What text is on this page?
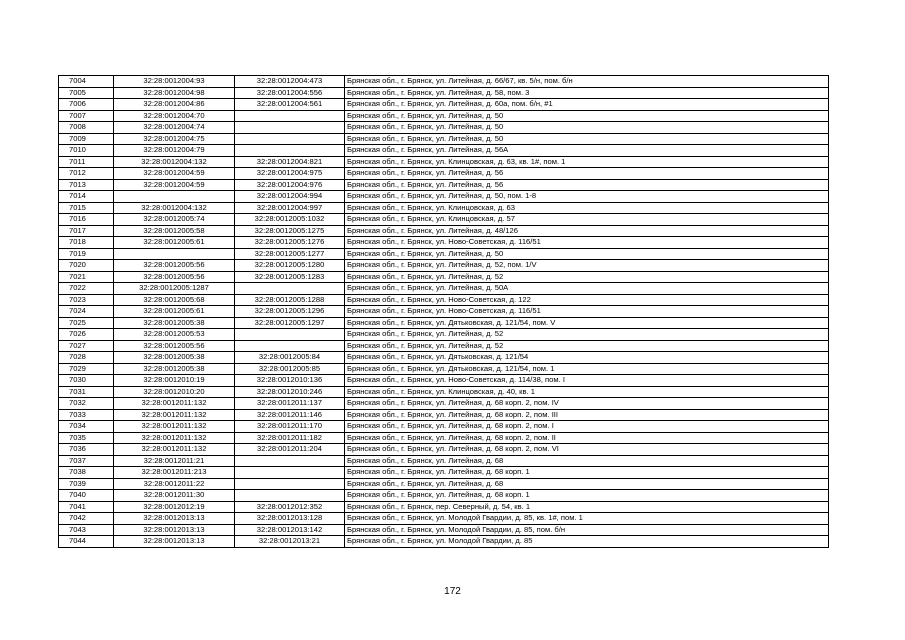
7004	32:28:0012004:93	32:28:0012004:473	Брянская обл., г. Брянск, ул. Литейная, д. 66/67, кв. 5/н, пом. б/н
7005	32:28:0012004:98	32:28:0012004:556	Брянская обл., г. Брянск, ул. Литейная, д. 58, пом. 3
7006	32:28:0012004:86	32:28:0012004:561	Брянская обл., г. Брянск, ул. Литейная, д. 60а, пом. б/н, #1
7007	32:28:0012004:70		Брянская обл., г. Брянск, ул. Литейная, д. 50
7008	32:28:0012004:74		Брянская обл., г. Брянск, ул. Литейная, д. 50
7009	32:28:0012004:75		Брянская обл., г. Брянск, ул. Литейная, д. 50
7010	32:28:0012004:79		Брянская обл., г. Брянск, ул. Литейная, д. 56А
7011	32:28:0012004:132	32:28:0012004:821	Брянская обл., г. Брянск, ул. Клинцовская, д. 63, кв. 1#, пом. 1
7012	32:28:0012004:59	32:28:0012004:975	Брянская обл., г. Брянск, ул. Литейная, д. 56
7013	32:28:0012004:59	32:28:0012004:976	Брянская обл., г. Брянск, ул. Литейная, д. 56
7014		32:28:0012004:994	Брянская обл., г. Брянск, ул. Литейная, д. 50, пом. 1-8
7015	32:28:0012004:132	32:28:0012004:997	Брянская обл., г. Брянск, ул. Клинцовская, д. 63
7016	32:28:0012005:74	32:28:0012005:1032	Брянская обл., г. Брянск, ул. Клинцовская, д. 57
7017	32:28:0012005:58	32:28:0012005:1275	Брянская обл., г. Брянск, ул. Литейная, д. 48/126
7018	32:28:0012005:61	32:28:0012005:1276	Брянская обл., г. Брянск, ул. Ново-Советская, д. 116/51
7019		32:28:0012005:1277	Брянская обл., г. Брянск, ул. Литейная, д. 50
7020	32:28:0012005:56	32:28:0012005:1280	Брянская обл., г. Брянск, ул. Литейная, д. 52, пом. 1/V
7021	32:28:0012005:56	32:28:0012005:1283	Брянская обл., г. Брянск, ул. Литейная, д. 52
7022	32:28:0012005:1287		Брянская обл., г. Брянск, ул. Литейная, д. 50А
7023	32:28:0012005:68	32:28:0012005:1288	Брянская обл., г. Брянск, ул. Ново-Советская, д. 122
7024	32:28:0012005:61	32:28:0012005:1296	Брянская обл., г. Брянск, ул. Ново-Советская, д. 116/51
7025	32:28:0012005:38	32:28:0012005:1297	Брянская обл., г. Брянск, ул. Дятьковская, д. 121/54, пом. V
7026	32:28:0012005:53		Брянская обл., г. Брянск, ул. Литейная, д. 52
7027	32:28:0012005:56		Брянская обл., г. Брянск, ул. Литейная, д. 52
7028	32:28:0012005:38	32:28:0012005:84	Брянская обл., г. Брянск, ул. Дятьковская, д. 121/54
7029	32:28:0012005:38	32:28:0012005:85	Брянская обл., г. Брянск, ул. Дятьковская, д. 121/54, пом. 1
7030	32:28:0012010:19	32:28:0012010:136	Брянская обл., г. Брянск, ул. Ново-Советская, д. 114/38, пом. I
7031	32:28:0012010:20	32:28:0012010:246	Брянская обл., г. Брянск, ул. Клинцовская, д. 40, кв. 1
7032	32:28:0012011:132	32:28:0012011:137	Брянская обл., г. Брянск, ул. Литейная, д. 68 корп. 2, пом. IV
7033	32:28:0012011:132	32:28:0012011:146	Брянская обл., г. Брянск, ул. Литейная, д. 68 корп. 2, пом. III
7034	32:28:0012011:132	32:28:0012011:170	Брянская обл., г. Брянск, ул. Литейная, д. 68 корп. 2, пом. I
7035	32:28:0012011:132	32:28:0012011:182	Брянская обл., г. Брянск, ул. Литейная, д. 68 корп. 2, пом. II
7036	32:28:0012011:132	32:28:0012011:204	Брянская обл., г. Брянск, ул. Литейная, д. 68 корп. 2, пом. VI
7037	32:28:0012011:21		Брянская обл., г. Брянск, ул. Литейная, д. 68
7038	32:28:0012011:213		Брянская обл., г. Брянск, ул. Литейная, д. 68 корп. 1
7039	32:28:0012011:22		Брянская обл., г. Брянск, ул. Литейная, д. 68
7040	32:28:0012011:30		Брянская обл., г. Брянск, ул. Литейная, д. 68 корп. 1
7041	32:28:0012012:19	32:28:0012012:352	Брянская обл., г. Брянск, пер. Северный, д. 54, кв. 1
7042	32:28:0012013:13	32:28:0012013:128	Брянская обл., г. Брянск, ул. Молодой Гвардии, д. 85, кв. 1#, пом. 1
7043	32:28:0012013:13	32:28:0012013:142	Брянская обл., г. Брянск, ул. Молодой Гвардии, д. 85, пом. б/н
7044	32:28:0012013:13	32:28:0012013:21	Брянская обл., г. Брянск, ул. Молодой Гвардии, д. 85
172
